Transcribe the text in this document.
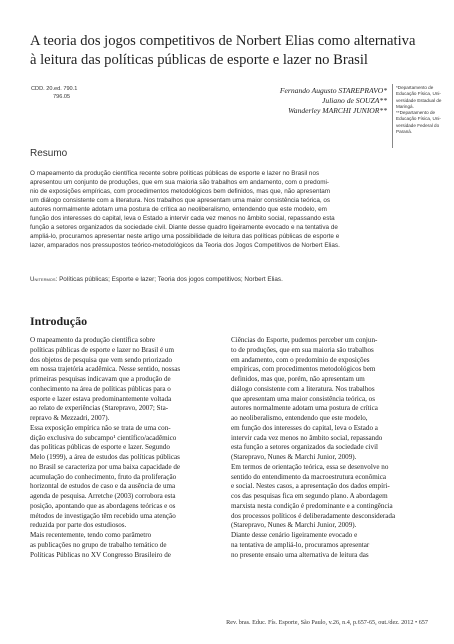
A teoria dos jogos competitivos de Norbert Elias como alternativa
à leitura das políticas públicas de esporte e lazer no Brasil
CDD. 20.ed. 790.1
796.05
Fernando Augusto STAREPRAVO*
Juliano de SOUZA**
Wanderley MARCHI JUNIOR**
*Departamento de
Educação Física, Uni-
versidade Estadual de
Maringá.
**Departamento de
Educação Física, Uni-
versidade Federal do
Paraná.
Resumo
O mapeamento da produção científica recente sobre políticas públicas de esporte e lazer no Brasil nos
apresentou um conjunto de produções, que em sua maioria são trabalhos em andamento, com o predomi-
nio de exposições empíricas, com procedimentos metodológicos bem definidos, mas que, não apresentam
um diálogo consistente com a literatura. Nos trabalhos que apresentam uma maior consistência teórica, os
autores normalmente adotam uma postura de crítica ao neoliberalismo, entendendo que este modelo, em
função dos interesses do capital, leva o Estado a intervir cada vez menos no âmbito social, repassando esta
função a setores organizados da sociedade civil. Diante desse quadro ligeiramente evocado e na tentativa de
ampliá-lo, procuramos apresentar neste artigo uma possibilidade de leitura das políticas públicas de esporte e
lazer, amparados nos pressupostos teórico-metodológicos da Teoria dos Jogos Competitivos de Norbert Elias.
Unitermos: Políticas públicas; Esporte e lazer; Teoria dos jogos competitivos; Norbert Elias.
Introdução
O mapeamento da produção científica sobre
políticas públicas de esporte e lazer no Brasil é um
dos objetos de pesquisa que vem sendo priorizado
em nossa trajetória acadêmica. Nesse sentido, nossas
primeiras pesquisas indicavam que a produção de
conhecimento na área de políticas públicas para o
esporte e lazer estava predominantemente voltada
ao relato de experiências (Starepravo, 2007; Sta-
repravo & Mezzadri, 2007).
Essa exposição empírica não se trata de uma con-
dição exclusiva do subcampo¹ científico/acadêmico
das políticas públicas de esporte e lazer. Segundo
Melo (1999), a área de estudos das políticas públicas
no Brasil se caracteriza por uma baixa capacidade de
acumulação do conhecimento, fruto da proliferação
horizontal de estudos de caso e da ausência de uma
agenda de pesquisa. Arretche (2003) corrobora esta
posição, apontando que as abordagens teóricas e os
métodos de investigação têm recebido uma atenção
reduzida por parte dos estudiosos.
Mais recentemente, tendo como parâmetro
as publicações no grupo de trabalho temático de
Políticas Públicas no XV Congresso Brasileiro de
Ciências do Esporte, pudemos perceber um conjun-
to de produções, que em sua maioria são trabalhos
em andamento, com o predomínio de exposições
empíricas, com procedimentos metodológicos bem
definidos, mas que, porém, não apresentam um
diálogo consistente com a literatura. Nos trabalhos
que apresentam uma maior consistência teórica, os
autores normalmente adotam uma postura de crítica
ao neoliberalismo, entendendo que este modelo,
em função dos interesses do capital, leva o Estado a
intervir cada vez menos no âmbito social, repassando
esta função a setores organizados da sociedade civil
(Starepravo, Nunes & Marchi Junior, 2009).
Em termos de orientação teórica, essa se desenvolve no
sentido do entendimento da macroestrutura econômica
e social. Nestes casos, a apresentação dos dados empíri-
cos das pesquisas fica em segundo plano. A abordagem
marxista nesta condição é predominante e a contingência
dos processos políticos é deliberadamente desconsiderada
(Starepravo, Nunes & Marchi Junior, 2009).
Diante desse cenário ligeiramente evocado e
na tentativa de ampliá-lo, procuramos apresentar
no presente ensaio uma alternativa de leitura das
Rev. bras. Educ. Fís. Esporte, São Paulo, v.26, n.4, p.657-65, out./dez. 2012 • 657
